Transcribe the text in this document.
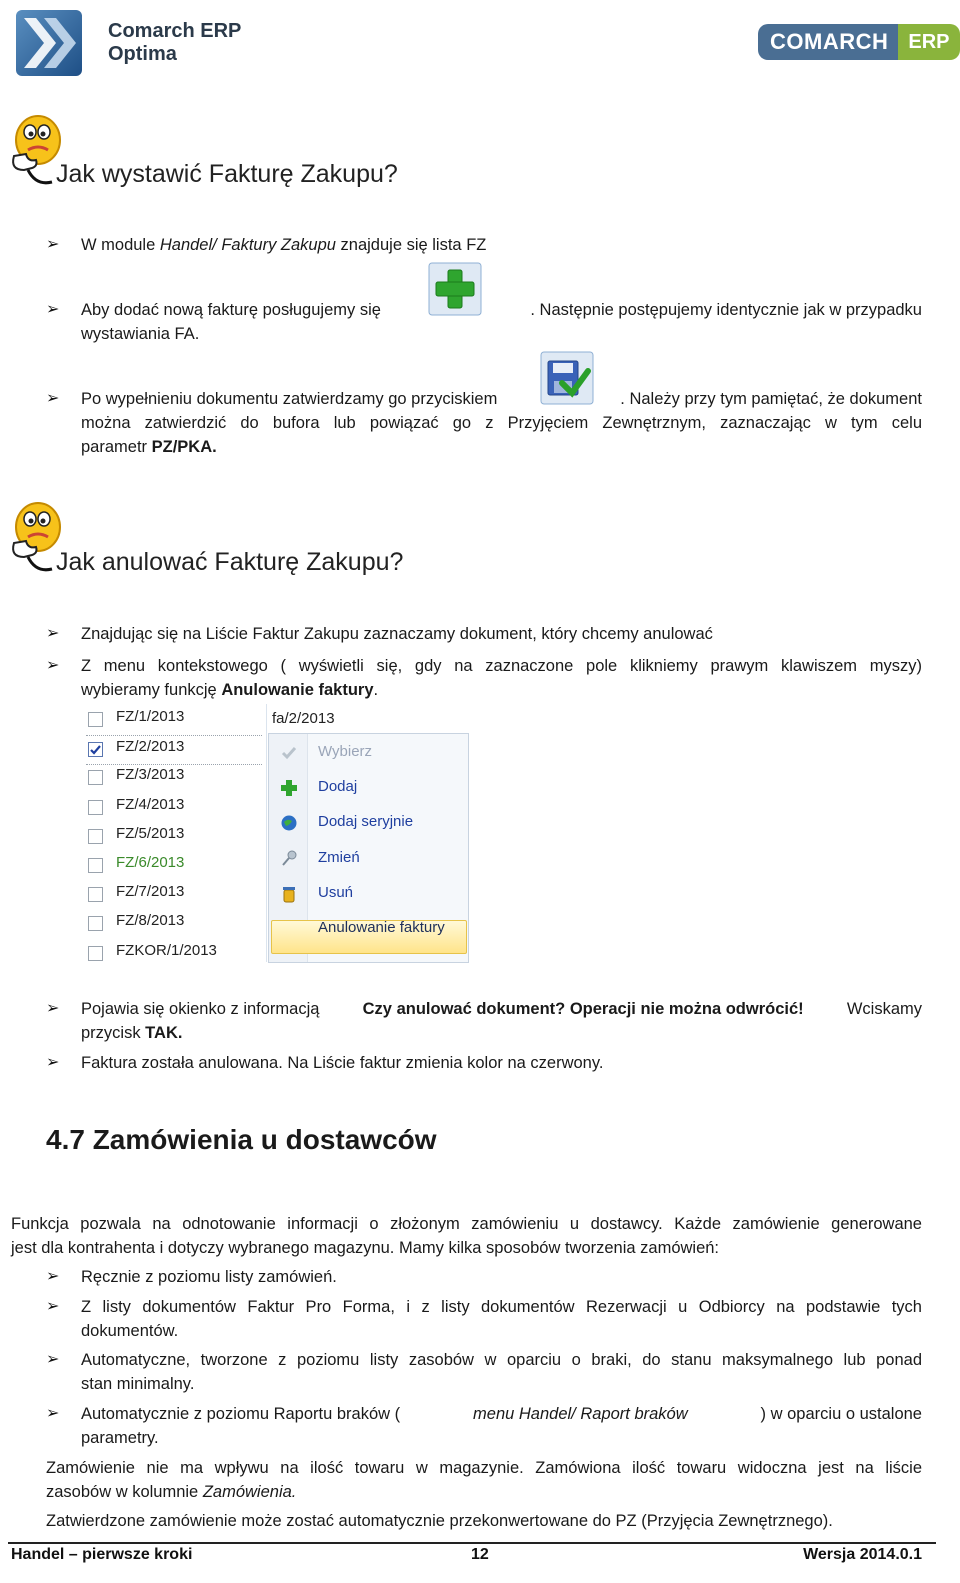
Comarch ERP
Optima	COMARCH	ERP
Jak wystawić Fakturę Zakupu?
➢ W module Handel/ Faktury Zakupu znajduje się lista FZ
➢ Aby dodać nową fakturę posługujemy się	. Następnie postępujemy identycznie jak w przypadku
wystawiania FA.
➢ Po wypełnieniu dokumentu zatwierdzamy go przyciskiem	. Należy przy tym pamiętać, że dokument
można zatwierdzić do bufora lub powiązać go z Przyjęciem Zewnętrznym, zaznaczając w tym celu
parametr PZ/PKA.
Jak anulować Fakturę Zakupu?
➢ Znajdując się na Liście Faktur Zakupu zaznaczamy dokument, który chcemy anulować
➢ Z menu kontekstowego ( wyświetli się, gdy na zaznaczone pole klikniemy prawym klawiszem myszy)
wybieramy funkcję Anulowanie faktury.
fa/2/2013
FZ/1/2013
FZ/2/2013
FZ/3/2013
FZ/4/2013
FZ/5/2013
FZ/6/2013
FZ/7/2013
FZ/8/2013
FZKOR/1/2013
Wybierz
Dodaj
Dodaj seryjnie
Zmień
Usuń
Anulowanie faktury
➢ Pojawia się okienko z informacją	Czy anulować dokument? Operacji nie można odwrócić!	Wciskamy
przycisk TAK.
➢ Faktura została anulowana. Na Liście faktur zmienia kolor na czerwony.
4.7 Zamówienia u dostawców
Funkcja pozwala na odnotowanie informacji o złożonym zamówieniu u dostawcy. Każde zamówienie generowane
jest dla kontrahenta i dotyczy wybranego magazynu. Mamy kilka sposobów tworzenia zamówień:
➢ Ręcznie z poziomu listy zamówień.
➢ Z listy dokumentów Faktur Pro Forma, i z listy dokumentów Rezerwacji u Odbiorcy na podstawie tych
dokumentów.
➢ Automatyczne, tworzone z poziomu listy zasobów w oparciu o braki, do stanu maksymalnego lub ponad
stan minimalny.
➢ Automatycznie z poziomu Raportu braków (	menu Handel/ Raport braków	) w oparciu o ustalone
parametry.
Zamówienie nie ma wpływu na ilość towaru w magazynie. Zamówiona ilość towaru widoczna jest na liście
zasobów w kolumnie Zamówienia.
Zatwierdzone zamówienie może zostać automatycznie przekonwertowane do PZ (Przyjęcia Zewnętrznego).
Handel – pierwsze kroki	12	Wersja 2014.0.1
